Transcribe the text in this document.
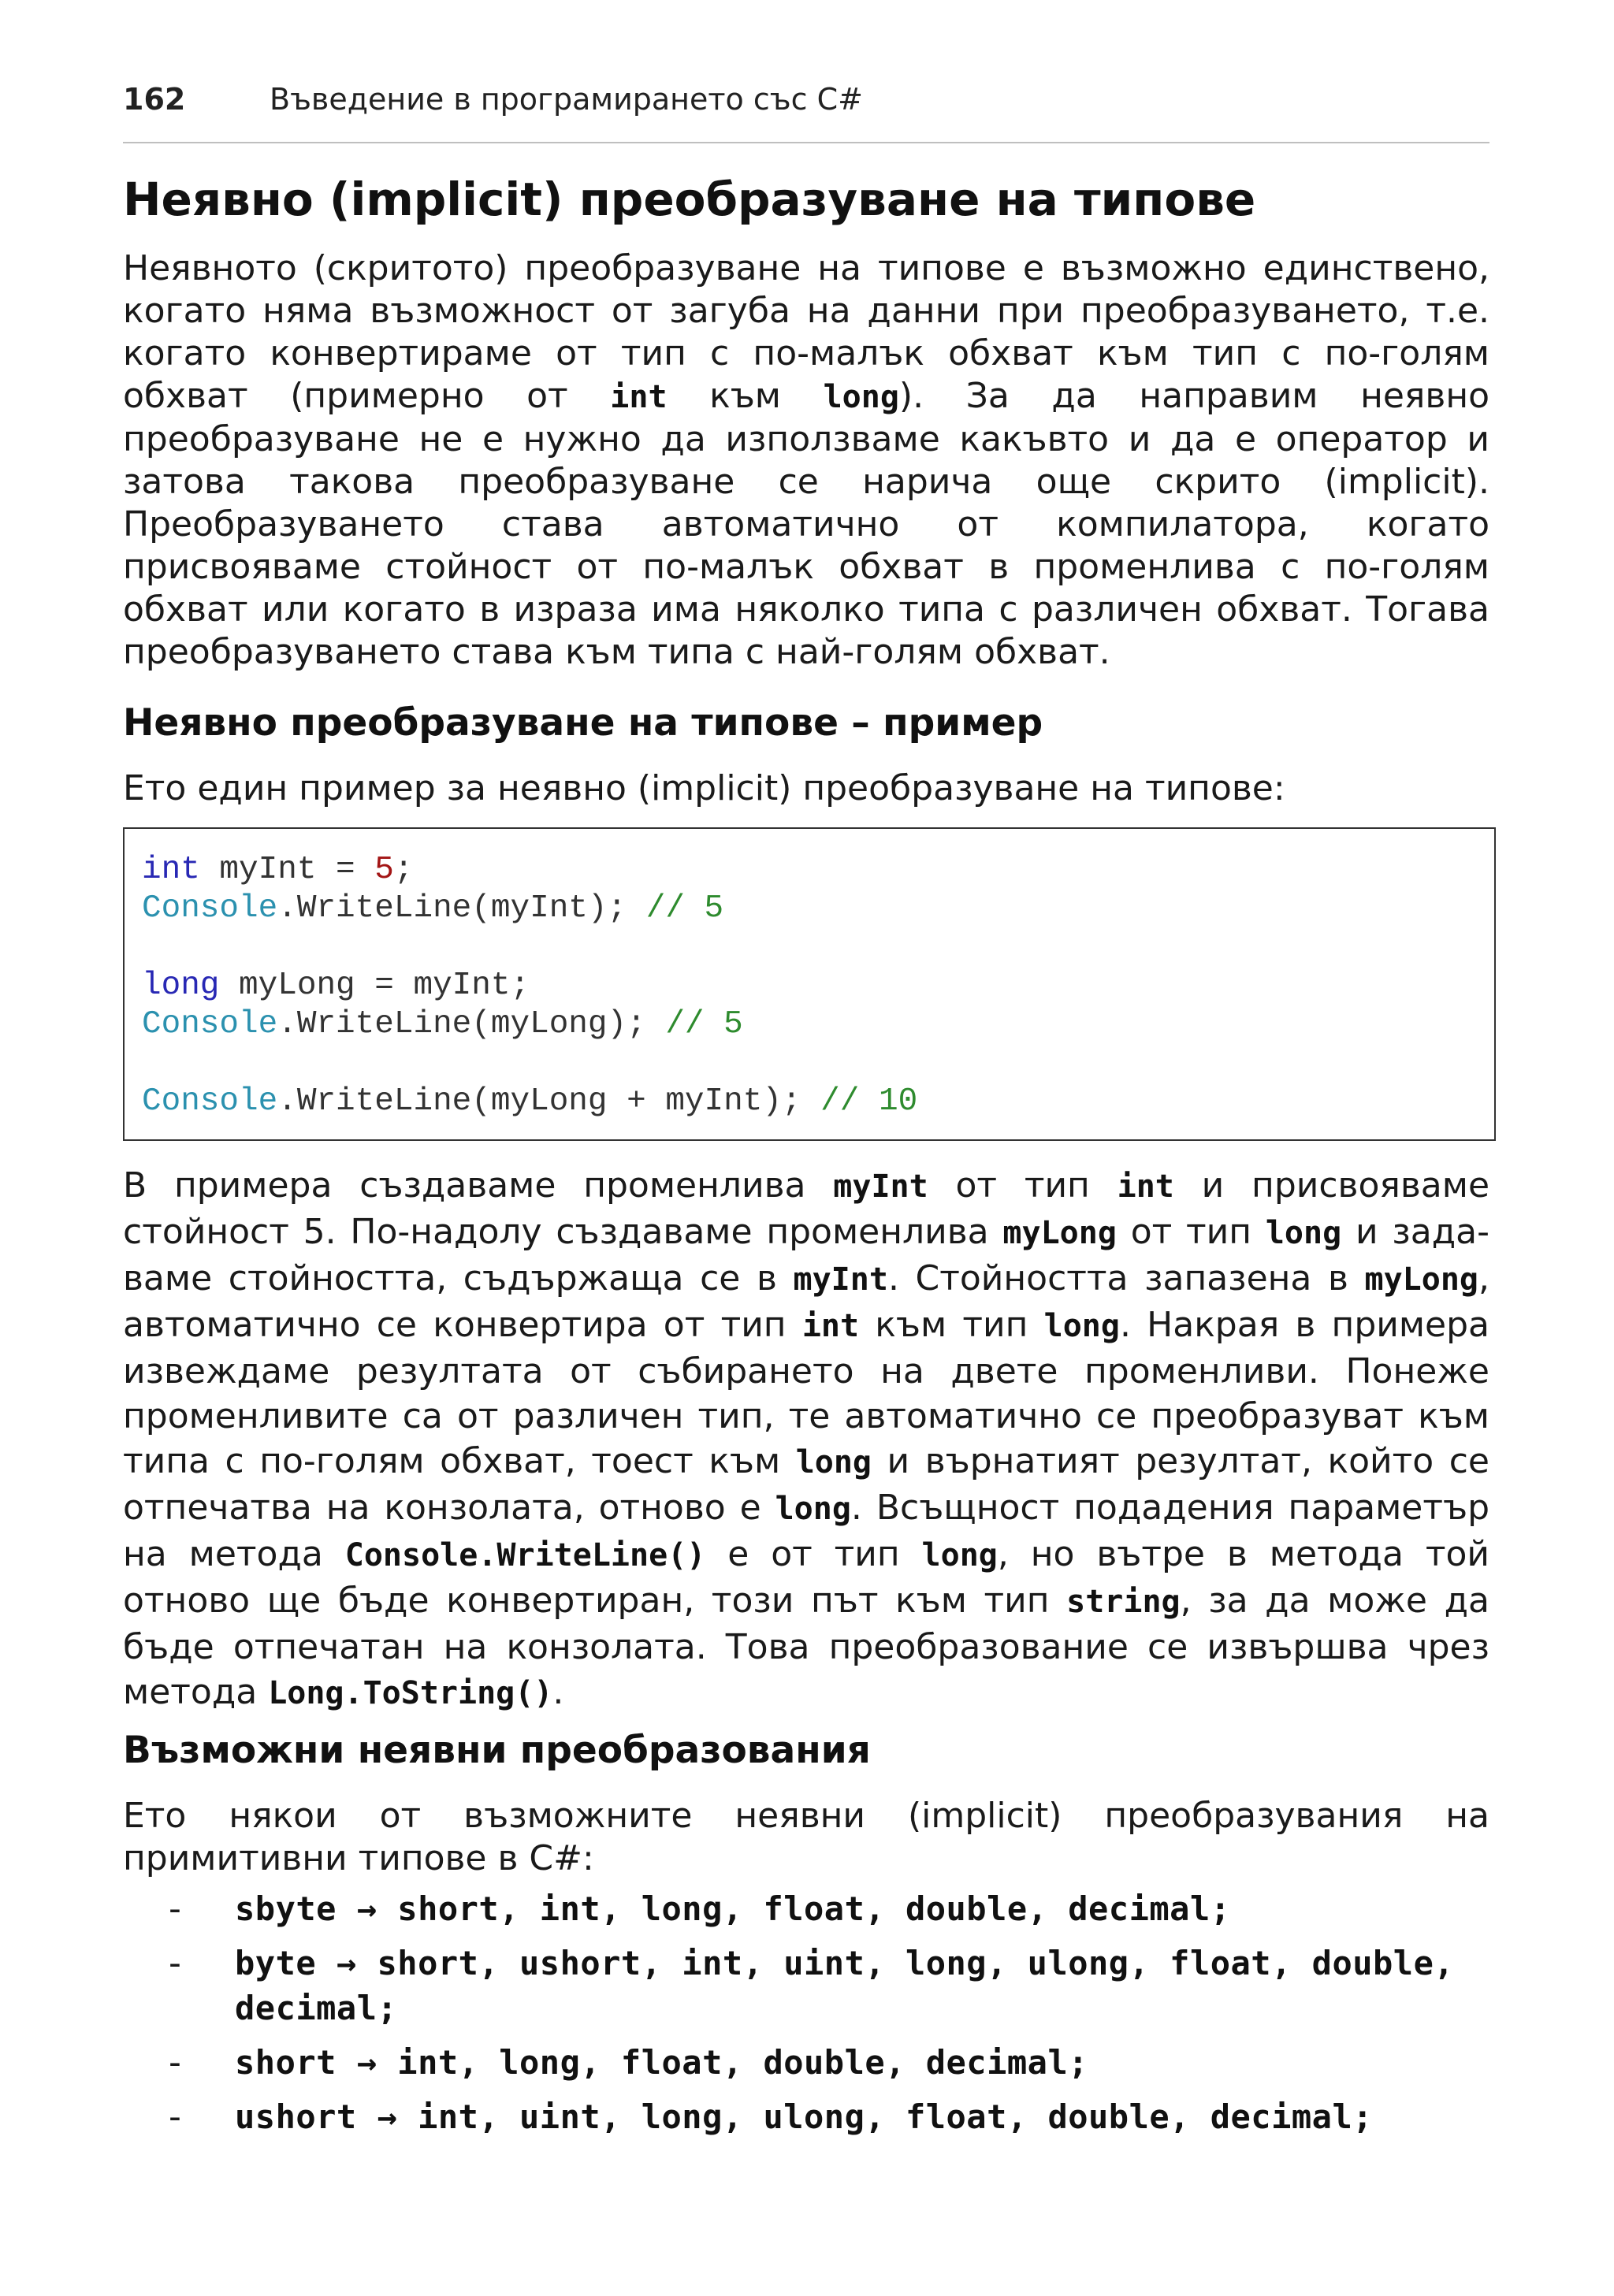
162	Въведение в програмирането със C#
Неявно (implicit) преобразуване на типове
Неявното (скритото) преобразуване на типове е възможно единствено, когато няма възможност от загуба на данни при преобразуването, т.е. когато конвертираме от тип с по-малък обхват към тип с по-голям обхват (примерно от int към long). За да направим неявно преобразуване не е нужно да използваме какъвто и да е оператор и затова такова преобразуване се нарича още скрито (implicit). Преобразуването става автоматично от компилатора, когато присвояваме стойност от по-малък обхват в променлива с по-голям обхват или когато в израза има няколко типа с различен обхват. Тогава преобразуването става към типа с най-голям обхват.
Неявно преобразуване на типове – пример
Ето един пример за неявно (implicit) преобразуване на типове:
int myInt = 5;
Console.WriteLine(myInt); // 5
long myLong = myInt;
Console.WriteLine(myLong); // 5
Console.WriteLine(myLong + myInt); // 10
В примера създаваме променлива myInt от тип int и присвояваме стойност 5. По-надолу създаваме променлива myLong от тип long и задаваме стойността, съдържаща се в myInt. Стойността запазена в myLong, автоматично се конвертира от тип int към тип long. Накрая в примера извеждаме резултата от събирането на двете променливи. Понеже променливите са от различен тип, те автоматично се преобразуват към типа с по-голям обхват, тоест към long и върнатият резултат, който се отпечатва на конзолата, отново е long. Всъщност подадения параметър на метода Console.WriteLine() е от тип long, но вътре в метода той отново ще бъде конвертиран, този път към тип string, за да може да бъде отпечатан на конзолата. Това преобразование се извършва чрез метода Long.ToString().
Възможни неявни преобразования
Ето някои от възможните неявни (implicit) преобразувания на примитивни типове в C#:
- sbyte → short, int, long, float, double, decimal;
- byte → short, ushort, int, uint, long, ulong, float, double, decimal;
- short → int, long, float, double, decimal;
- ushort → int, uint, long, ulong, float, double, decimal;
